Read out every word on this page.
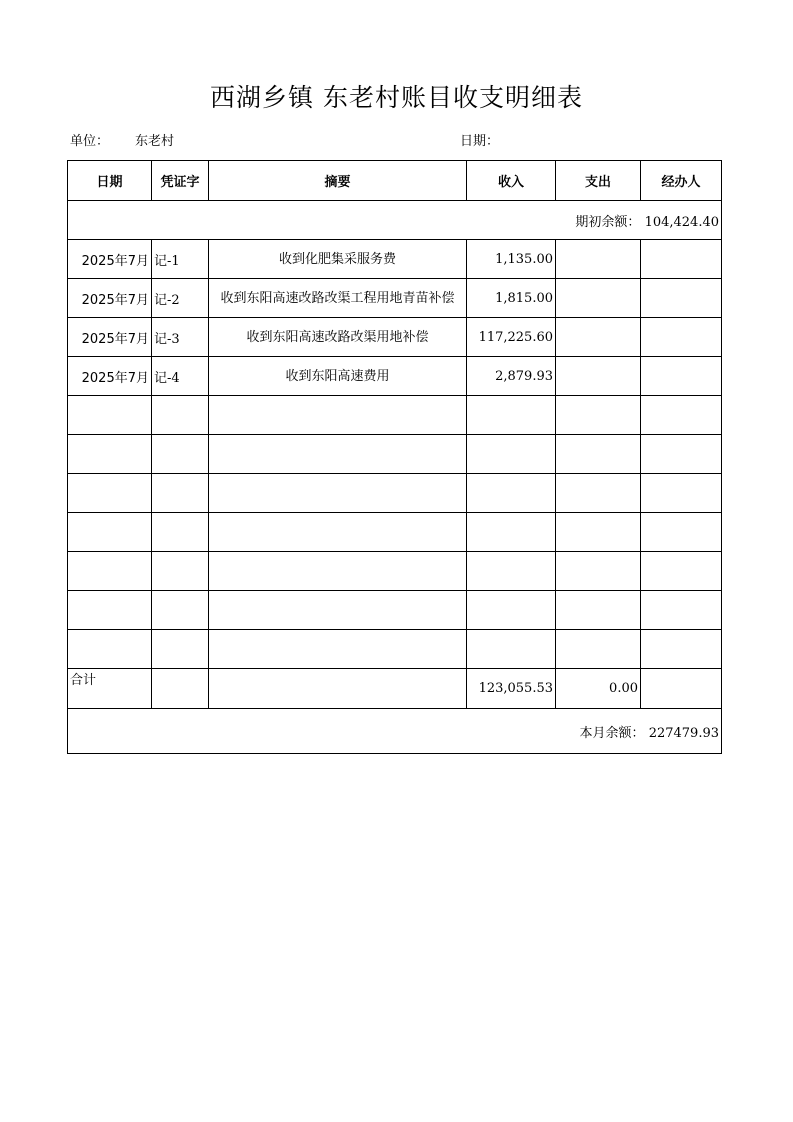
西湖乡镇 东老村账目收支明细表
单位： 东老村	日期：
日期	凭证字	摘要	收入	支出	经办人
期初余额： 104,424.40					
2025年7月	记-1	收到化肥集采服务费	1,135.00		
2025年7月	记-2	收到东阳高速改路改渠工程用地青苗补偿	1,815.00		
2025年7月	记-3	收到东阳高速改路改渠用地补偿	117,225.60		
2025年7月	记-4	收到东阳高速费用	2,879.93		

合计			123,055.53	0.00	
本月余额： 227479.93					
